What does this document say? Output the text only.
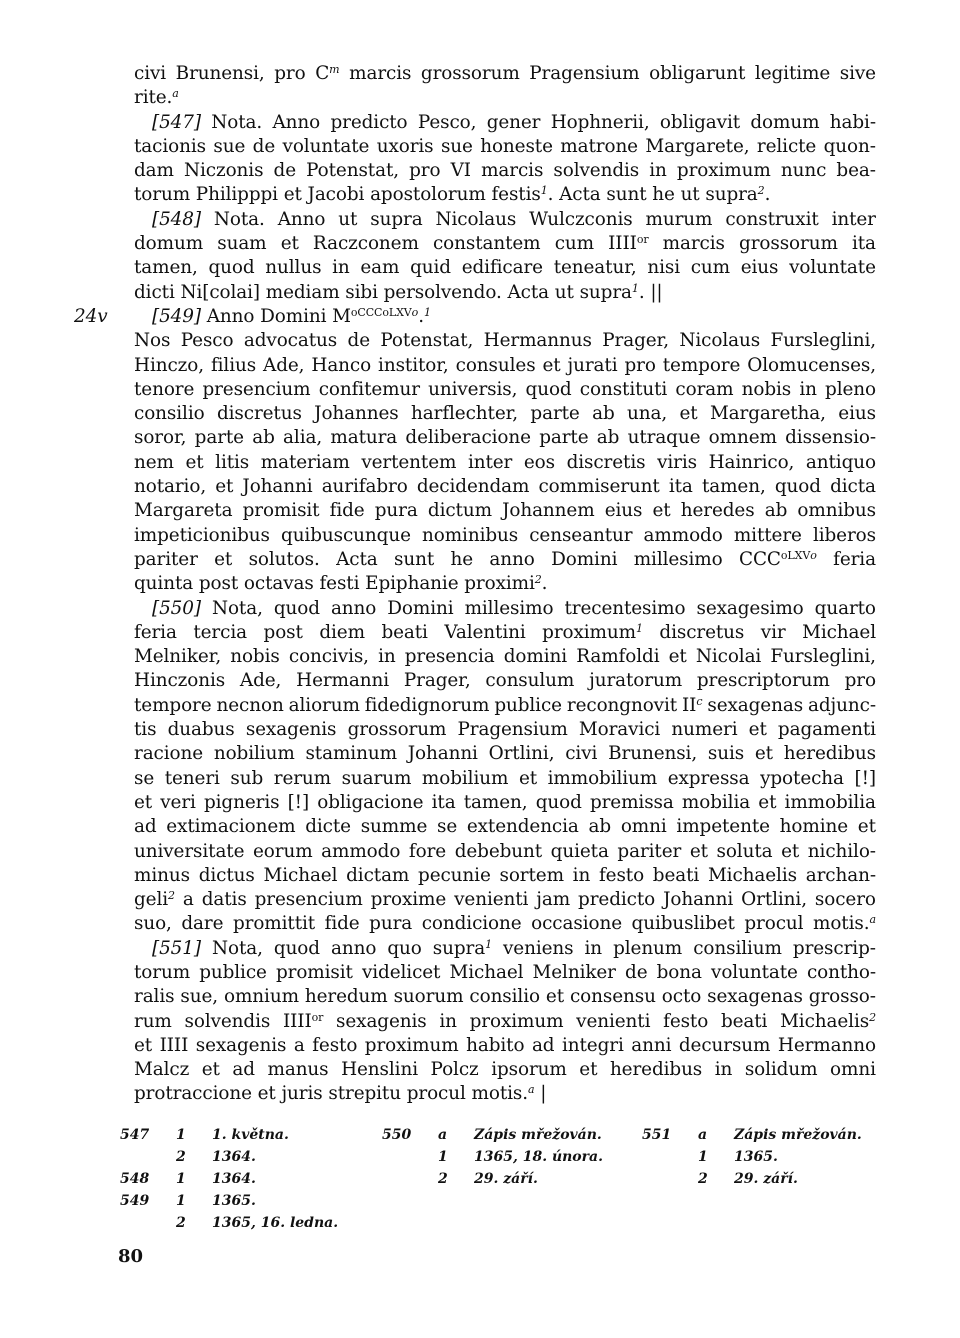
civi Brunensi, pro $C^m$ marcis grossorum Pragensium obligarunt legitime sive
rite.$^a$
[547] Nota. Anno predicto Pesco, gener Hophnerii, obligavit domum habi-
tacionis sue de voluntate uxoris sue honeste matrone Margarete, relicte quon-
dam Niczonis de Potenstat, pro VI marcis solvendis in proximum nunc bea-
torum Philipppi et Jacobi apostolorum festis$^1$. Acta sunt he ut supra$^2$.
[548] Nota. Anno ut supra Nicolaus Wulczconis murum construxit inter
domum suam et Raczconem constantem cum $IIII^{or}$ marcis grossorum ita
tamen, quod nullus in eam quid edificare teneatur, nisi cum eius voluntate
dicti Ni[colai] mediam sibi persolvendo. Acta ut supra$^1$. ||
24v [549] Anno Domini $M^{oCCCoLXVo}.^1$
Nos Pesco advocatus de Potenstat, Hermannus Prager, Nicolaus Fursleglini,
Hinczo, filius Ade, Hanco institor, consules et jurati pro tempore Olomucenses,
tenore presencium confitemur universis, quod constituti coram nobis in pleno
consilio discretus Johannes harflechter, parte ab una, et Margaretha, eius
soror, parte ab alia, matura deliberacione parte ab utraque omnem dissensio-
nem et litis materiam vertentem inter eos discretis viris Hainrico, antiquo
notario, et Johanni aurifabro decidendam commiserunt ita tamen, quod dicta
Margareta promisit fide pura dictum Johannem eius et heredes ab omnibus
impeticionibus quibuscunque nominibus censeantur ammodo mittere liberos
pariter et solutos. Acta sunt he anno Domini millesimo $CCC^{oLXVo}$ feria
quinta post octavas festi Epiphanie proximi$^2$.
[550] Nota, quod anno Domini millesimo trecentesimo sexagesimo quarto
feria tercia post diem beati Valentini proximum$^1$ discretus vir Michael
Melniker, nobis concivis, in presencia domini Ramfoldi et Nicolai Fursleglini,
Hinczonis Ade, Hermanni Prager, consulum juratorum prescriptorum pro
tempore necnon aliorum fidedignorum publice recongnovit $II^c$ sexagenas adjunc-
tis duabus sexagenis grossorum Pragensium Moravici numeri et pagamenti
racione nobilium staminum Johanni Ortlini, civi Brunensi, suis et heredibus
se teneri sub rerum suarum mobilium et immobilium expressa ypotecha [!]
et veri pigneris [!] obligacione ita tamen, quod premissa mobilia et immobilia
ad extimacionem dicte summe se extendencia ab omni impetente homine et
universitate eorum ammodo fore debebunt quieta pariter et soluta et nichilo-
minus dictus Michael dictam pecunie sortem in festo beati Michaelis archan-
geli$^2$ a datis presencium proxime venienti jam predicto Johanni Ortlini, socero
suo, dare promittit fide pura condicione occasione quibuslibet procul motis.$^a$
[551] Nota, quod anno quo supra$^1$ veniens in plenum consilium prescrip-
torum publice promisit videlicet Michael Melniker de bona voluntate contho-
ralis sue, omnium heredum suorum consilio et consensu octo sexagenas grosso-
rum solvendis $IIII^{or}$ sexagenis in proximum venienti festo beati Michaelis$^2$
et IIII sexagenis a festo proximum habito ad integri anni decursum Hermanno
Malcz et ad manus Henslini Polcz ipsorum et heredibus in solidum omni
protraccione et juris strepitu procul motis.$^a$ |
547 1 1. května.
2 1364.
548 1 1364.
549 1 1365.
2 1365, 16. ledna.
550 a Zápis mřežován.
1 1365, 18. února.
2 29. září.
551 a Zápis mřežován.
1 1365.
2 29. září.
80
